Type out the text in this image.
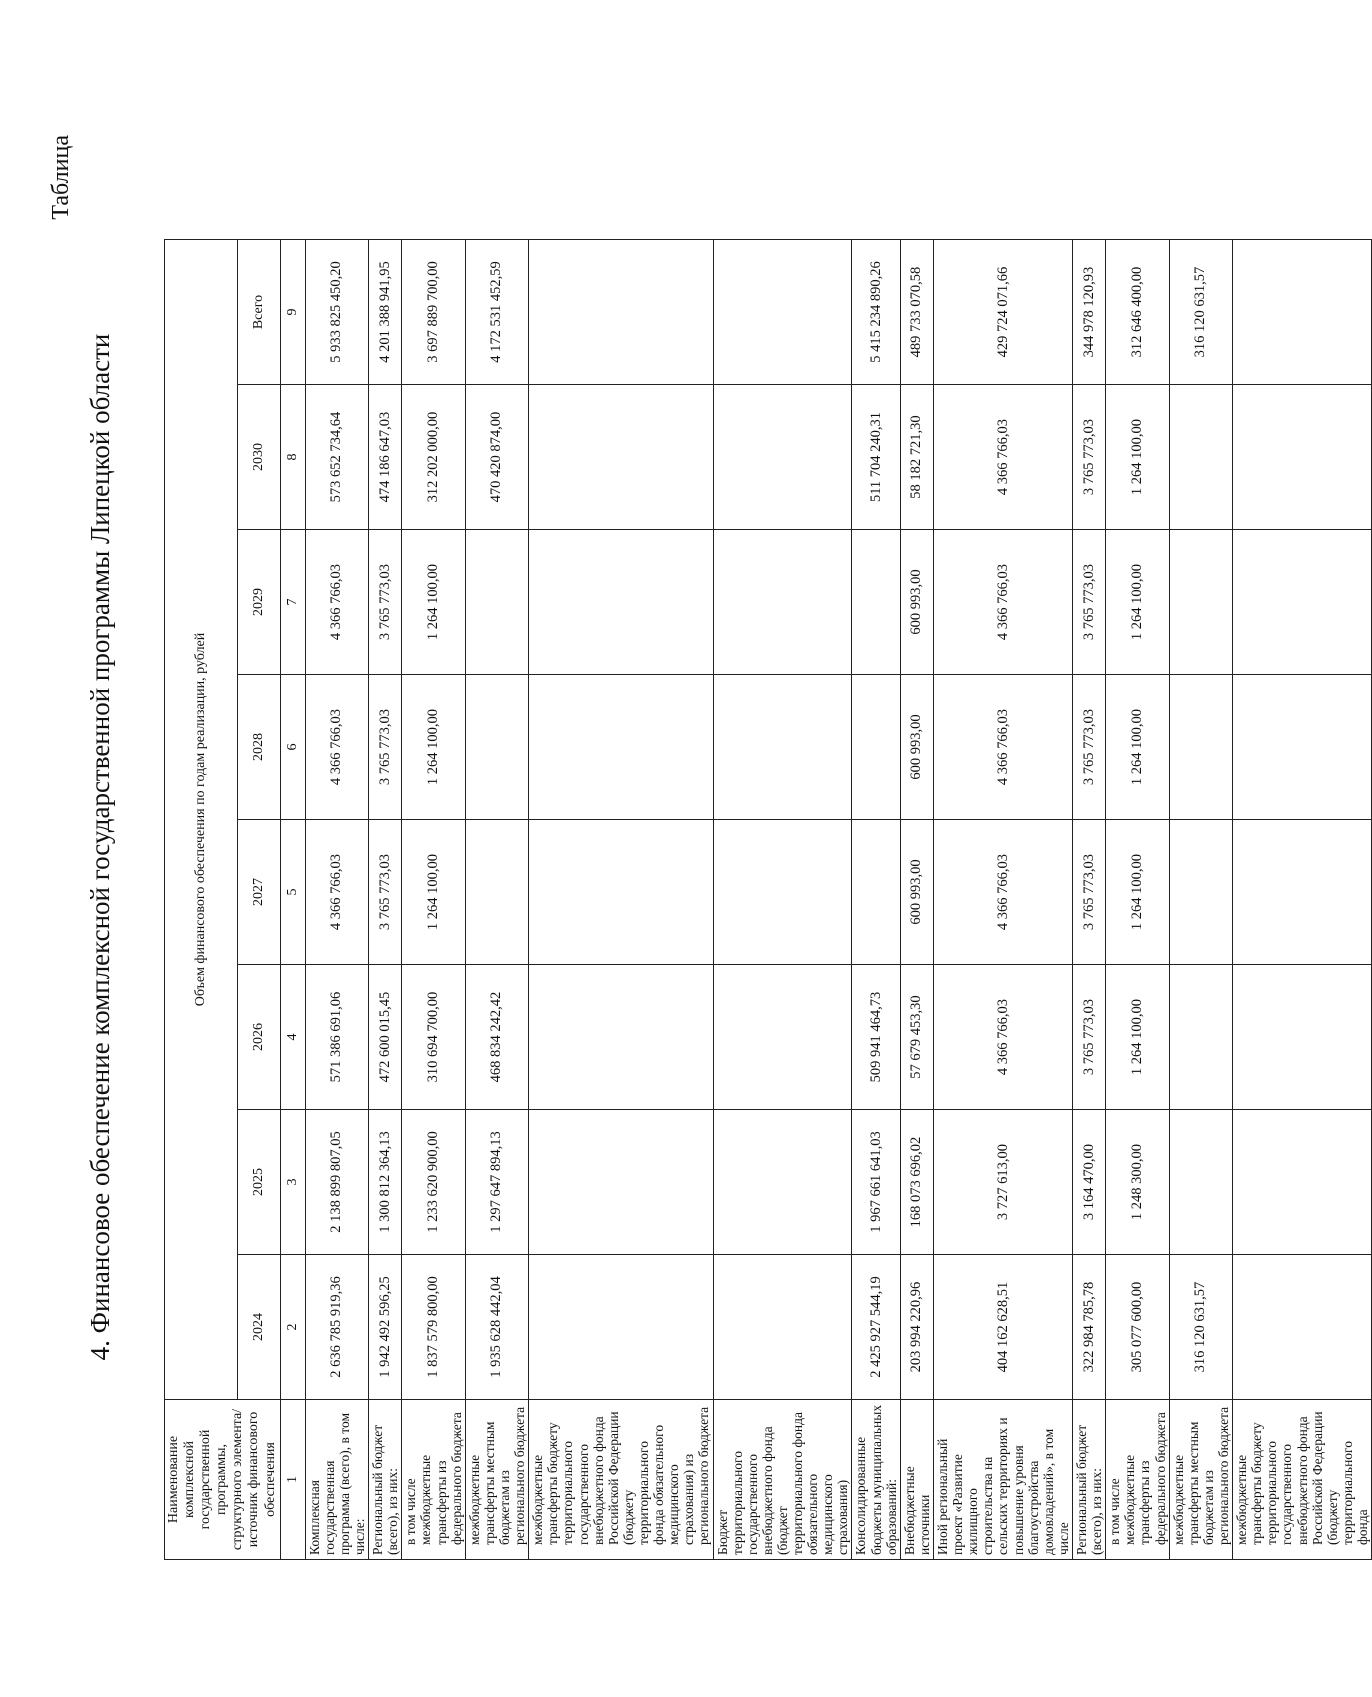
Таблица
4. Финансовое обеспечение комплексной государственной программы Липецкой области
Наименование комплексной государственной программы, структурного элемента/источник финансового обеспечения	Объем финансового обеспечения по годам реализации, рублей							
	2024	2025	2026	2027	2028	2029	2030	Всего
1	2	3	4	5	6	7	8	9
Комплексная государственная программа (всего), в том числе:	2 636 785 919,36	2 138 899 807,05	571 386 691,06	4 366 766,03	4 366 766,03	4 366 766,03	573 652 734,64	5 933 825 450,20
Региональный бюджет (всего), из них:	1 942 492 596,25	1 300 812 364,13	472 600 015,45	3 765 773,03	3 765 773,03	3 765 773,03	474 186 647,03	4 201 388 941,95
в том числе межбюджетные трансферты из федерального бюджета	1 837 579 800,00	1 233 620 900,00	310 694 700,00	1 264 100,00	1 264 100,00	1 264 100,00	312 202 000,00	3 697 889 700,00
межбюджетные трансферты местным бюджетам из регионального бюджета	1 935 628 442,04	1 297 647 894,13	468 834 242,42				470 420 874,00	4 172 531 452,59
межбюджетные трансферты бюджету территориального государственного внебюджетного фонда Российской Федерации (бюджету территориального фонда обязательного медицинского страхования) из регионального бюджета								
Бюджет территориального государственного внебюджетного фонда (бюджет территориального фонда обязательного медицинского страхования)								
Консолидированные бюджеты муниципальных образований:	2 425 927 544,19	1 967 661 641,03	509 941 464,73				511 704 240,31	5 415 234 890,26
Внебюджетные источники	203 994 220,96	168 073 696,02	57 679 453,30	600 993,00	600 993,00	600 993,00	58 182 721,30	489 733 070,58
Иной региональный проект «Развитие жилищного строительства на сельских территориях и повышение уровня благоустройства домовладений», в том числе	404 162 628,51	3 727 613,00	4 366 766,03	4 366 766,03	4 366 766,03	4 366 766,03	4 366 766,03	429 724 071,66
Региональный бюджет (всего), из них:	322 984 785,78	3 164 470,00	3 765 773,03	3 765 773,03	3 765 773,03	3 765 773,03	3 765 773,03	344 978 120,93
в том числе межбюджетные трансферты из федерального бюджета	305 077 600,00	1 248 300,00	1 264 100,00	1 264 100,00	1 264 100,00	1 264 100,00	1 264 100,00	312 646 400,00
межбюджетные трансферты местным бюджетам из регионального бюджета	316 120 631,57							316 120 631,57
межбюджетные трансферты бюджету территориального государственного внебюджетного фонда Российской Федерации (бюджету территориального фонда								
